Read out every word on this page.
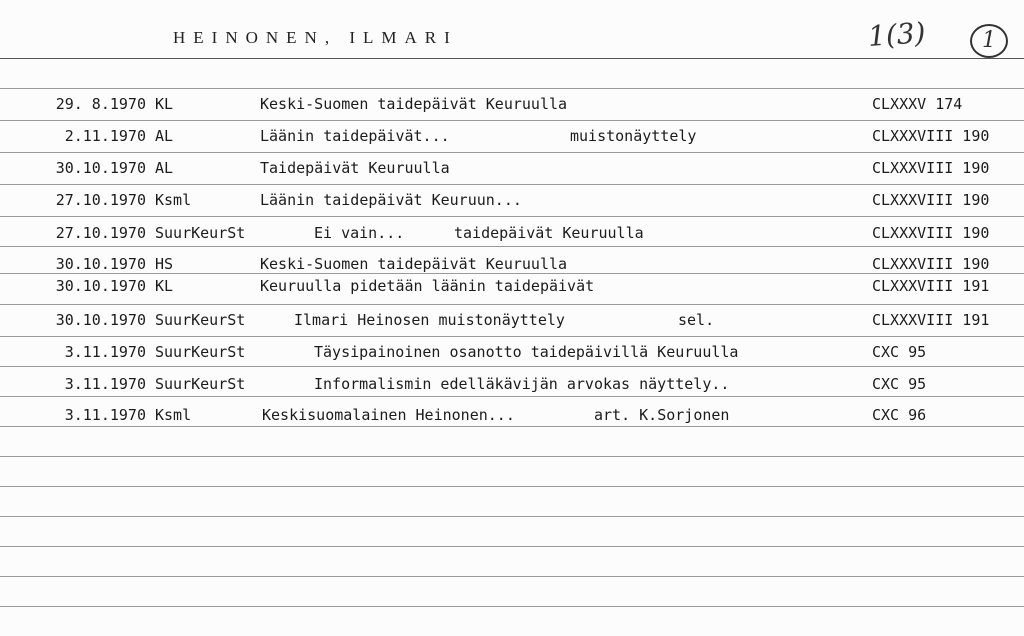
HEINONEN, ILMARI	1(3)	1
29. 8.1970 KL	Keski-Suomen taidepäivät Keuruulla	CLXXXV 174
2.11.1970 AL	Läänin taidepäivät...	muistonäyttely	CLXXXVIII 190
30.10.1970 AL	Taidepäivät Keuruulla	CLXXXVIII 190
27.10.1970 Ksml	Läänin taidepäivät Keuruun...	CLXXXVIII 190
27.10.1970 SuurKeurSt	Ei vain...	taidepäivät Keuruulla	CLXXXVIII 190
30.10.1970 HS	Keski-Suomen taidepäivät Keuruulla	CLXXXVIII 190
30.10.1970 KL	Keuruulla pidetään läänin taidepäivät	CLXXXVIII 191
30.10.1970 SuurKeurSt	Ilmari Heinosen muistonäyttely	sel.	CLXXXVIII 191
3.11.1970 SuurKeurSt	Täysipainoinen osanotto taidepäivillä Keuruulla	CXC 95
3.11.1970 SuurKeurSt	Informalismin edelläkävijän arvokas näyttely..	CXC 95
3.11.1970 Ksml	Keskisuomalainen Heinonen...	art. K.Sorjonen	CXC 96
